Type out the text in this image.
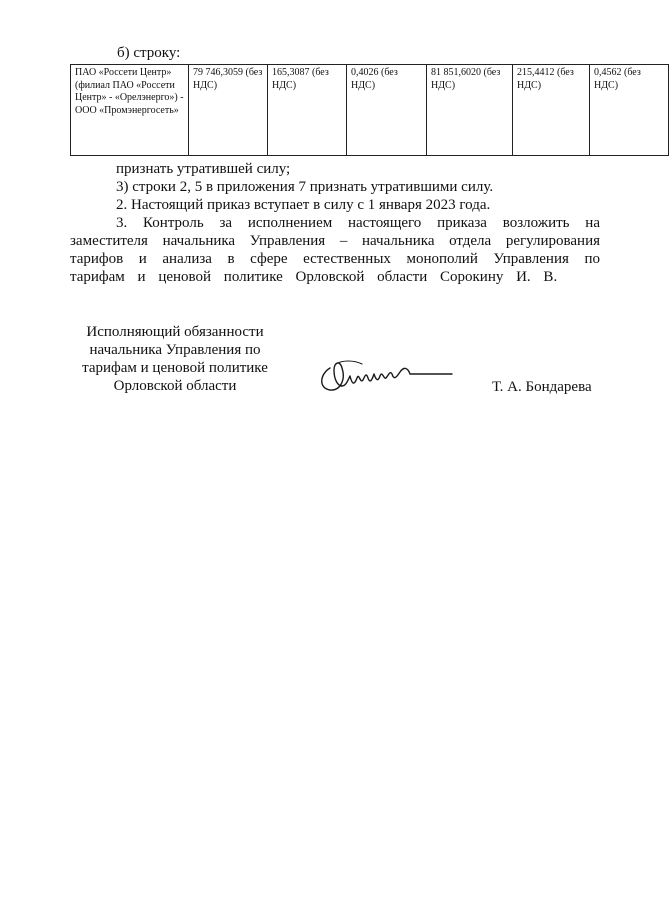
б) строку:
ПАО «Россети Центр» (филиал ПАО «Россети Центр» - «Орелэнерго») - ООО «Промэнергосеть»	79 746,3059 (без НДС)	165,3087 (без НДС)	0,4026 (без НДС)	81 851,6020 (без НДС)	215,4412 (без НДС)	0,4562 (без НДС)

признать утратившей силу;

3) строки 2, 5 в приложения 7 признать утратившими силу.

2. Настоящий приказ вступает в силу с 1 января 2023 года.

3. Контроль за исполнением настоящего приказа возложить на заместителя начальника Управления – начальника отдела регулирования тарифов и анализа в сфере естественных монополий Управления по тарифам и ценовой политике Орловской области Сорокину И. В.

Исполняющий обязанности
начальника Управления по
тарифам и ценовой политике
Орловской области	Т. А. Бондарева
